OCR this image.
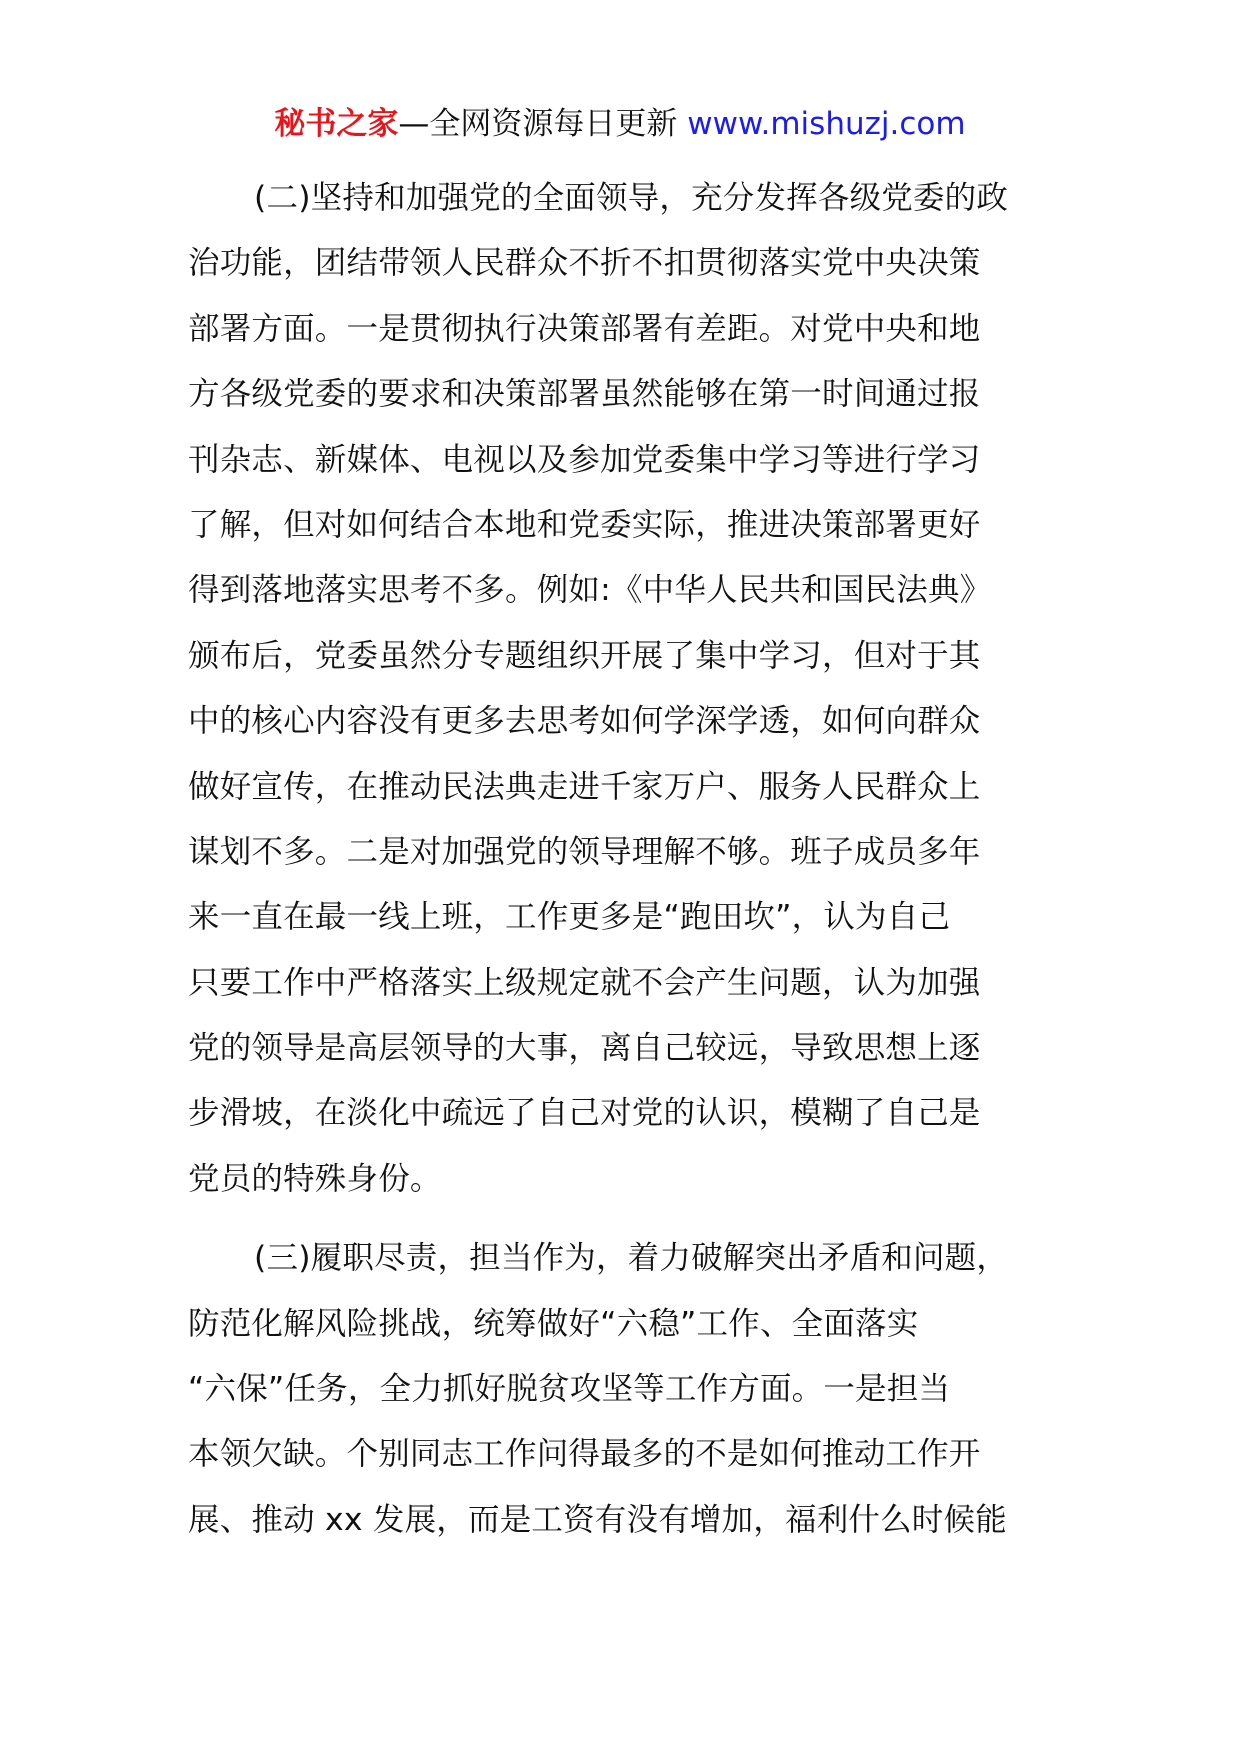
秘书之家—全网资源每日更新 www.mishuzj.com
(二)坚持和加强党的全面领导，充分发挥各级党委的政
治功能，团结带领人民群众不折不扣贯彻落实党中央决策
部署方面。一是贯彻执行决策部署有差距。对党中央和地
方各级党委的要求和决策部署虽然能够在第一时间通过报
刊杂志、新媒体、电视以及参加党委集中学习等进行学习
了解，但对如何结合本地和党委实际，推进决策部署更好
得到落地落实思考不多。例如:《中华人民共和国民法典》
颁布后，党委虽然分专题组织开展了集中学习，但对于其
中的核心内容没有更多去思考如何学深学透，如何向群众
做好宣传，在推动民法典走进千家万户、服务人民群众上
谋划不多。二是对加强党的领导理解不够。班子成员多年
来一直在最一线上班，工作更多是“跑田坎”，认为自己
只要工作中严格落实上级规定就不会产生问题，认为加强
党的领导是高层领导的大事，离自己较远，导致思想上逐
步滑坡，在淡化中疏远了自己对党的认识，模糊了自己是
党员的特殊身份。
(三)履职尽责，担当作为，着力破解突出矛盾和问题，
防范化解风险挑战，统筹做好“六稳”工作、全面落实
“六保”任务，全力抓好脱贫攻坚等工作方面。一是担当
本领欠缺。个别同志工作问得最多的不是如何推动工作开
展、推动 xx 发展，而是工资有没有增加，福利什么时候能
